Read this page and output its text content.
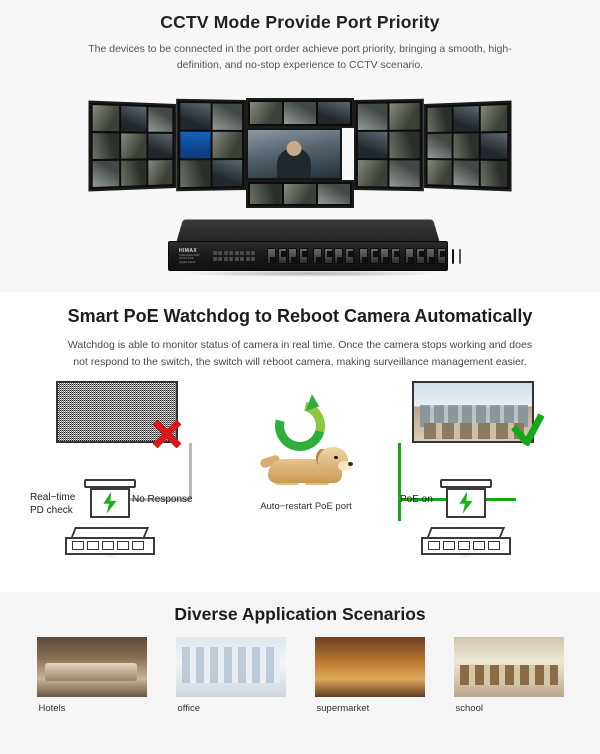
CCTV Mode Provide Port Priority

The devices to be connected in the port order achieve port priority, bringing a smooth, high-definition, and no-stop experience to CCTV scenario.

HIMAX
16FE+2GE+1SFP 16 Port POE Gigabit Switch
Smart PoE Watchdog to Reboot Camera Automatically

Watchdog is able to monitor status of camera in real time. Once the camera stops working and does not respond to the switch, the switch will reboot camera, making surveillance management easier.

Real−time
PD check
No Response
Auto−restart PoE port
PoE on
Diverse Application Scenarios
Hotels	office	supermarket	school
